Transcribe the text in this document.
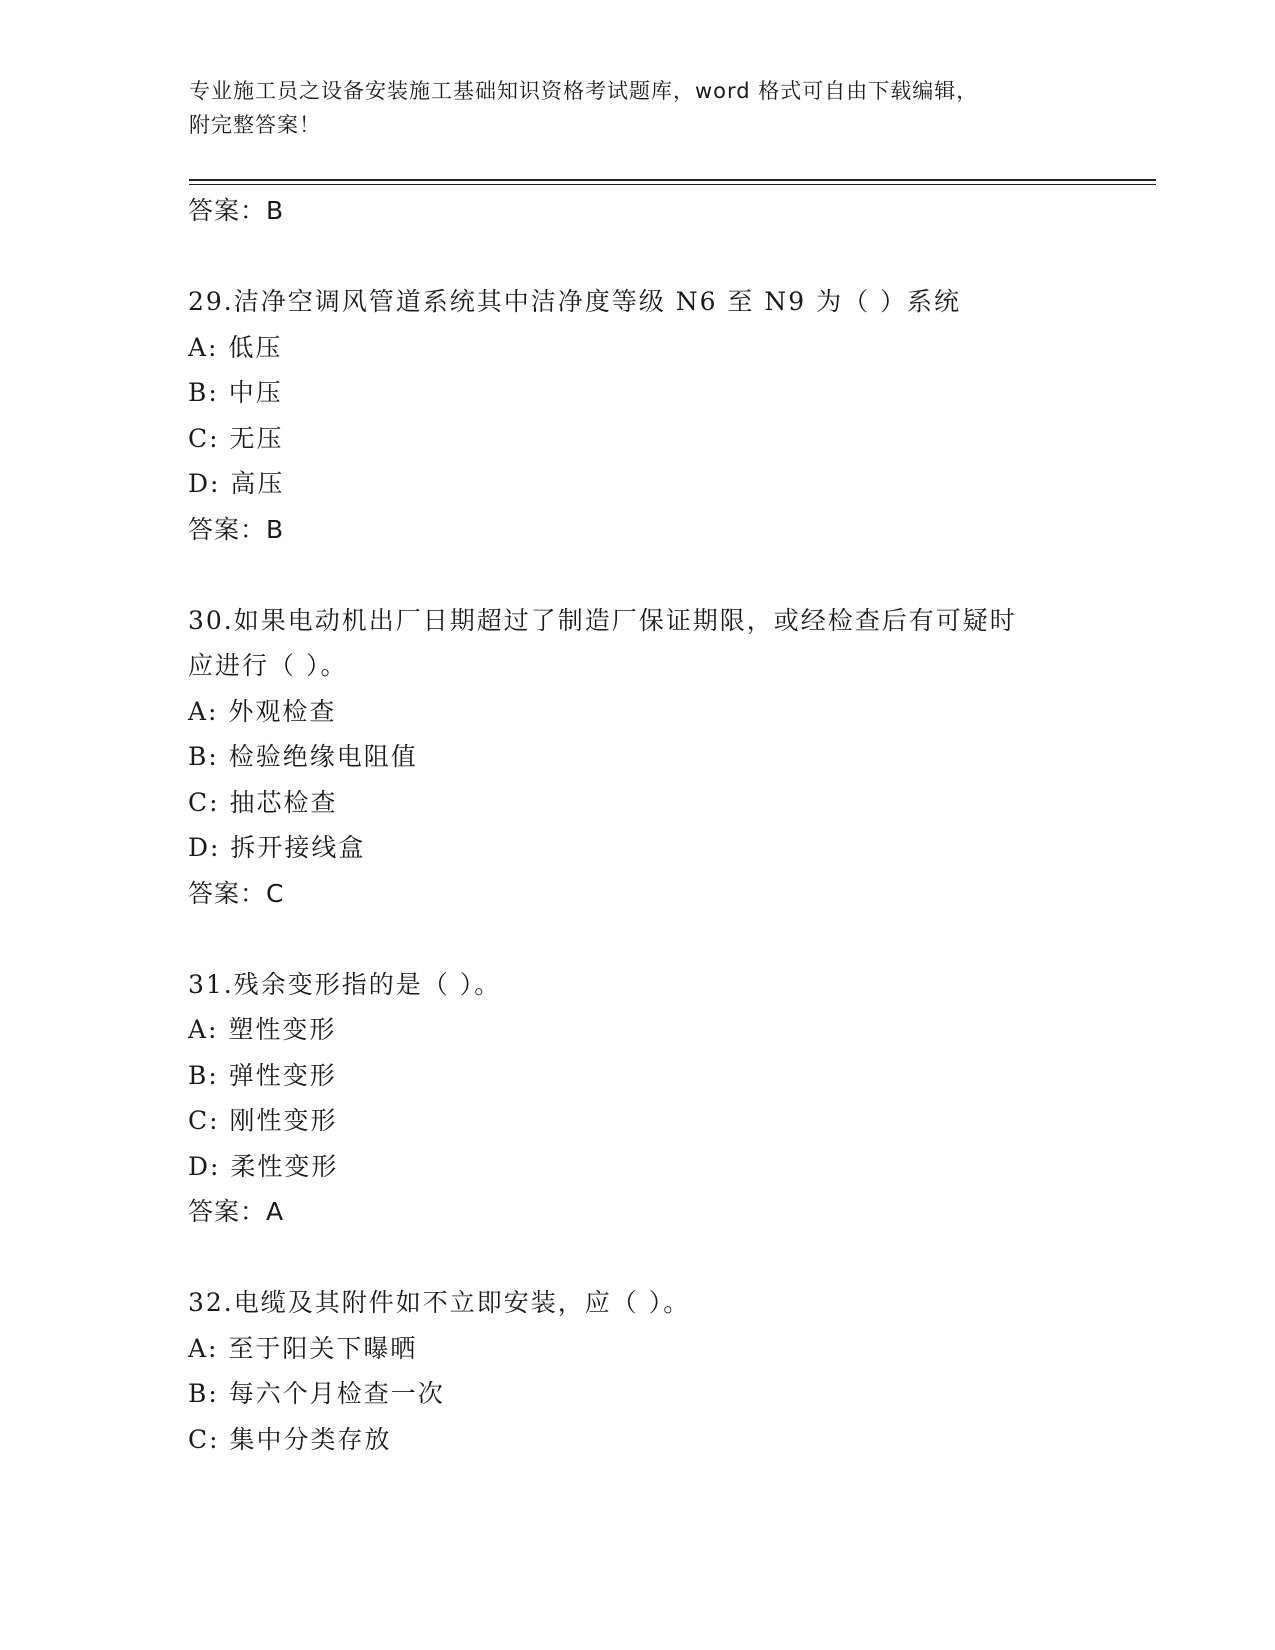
专业施工员之设备安装施工基础知识资格考试题库，word 格式可自由下载编辑，
附完整答案！
答案：B
29.洁净空调风管道系统其中洁净度等级 N6 至 N9 为（ ）系统
A: 低压
B: 中压
C: 无压
D: 高压
答案：B
30.如果电动机出厂日期超过了制造厂保证期限，或经检查后有可疑时
应进行（ ）。
A: 外观检查
B: 检验绝缘电阻值
C: 抽芯检查
D: 拆开接线盒
答案：C
31.残余变形指的是（ ）。
A: 塑性变形
B: 弹性变形
C: 刚性变形
D: 柔性变形
答案：A
32.电缆及其附件如不立即安装，应（ ）。
A: 至于阳关下曝晒
B: 每六个月检查一次
C: 集中分类存放
